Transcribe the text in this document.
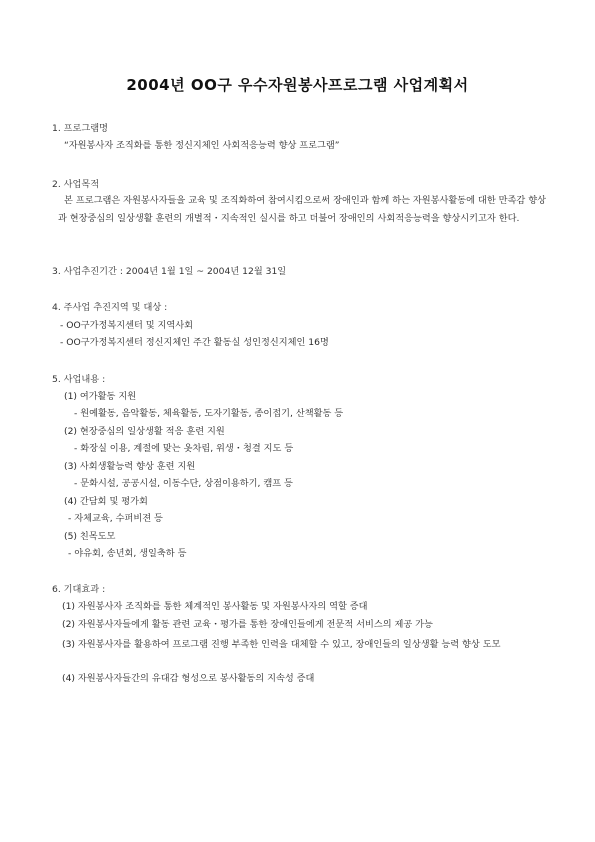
2004년 OO구 우수자원봉사프로그램 사업계획서
1. 프로그램명
“자원봉사자 조직화를 통한 정신지체인 사회적응능력 향상 프로그램”
2. 사업목적
본 프로그램은 자원봉사자들을 교육 및 조직화하여 참여시킴으로써 장애인과 함께 하는 자원봉사활동에 대한 만족감 향상과 현장중심의 일상생활 훈련의 개별적・지속적인 실시를 하고 더불어 장애인의 사회적응능력을 향상시키고자 한다.
3. 사업추진기간 : 2004년 1월 1일 ~ 2004년 12월 31일
4. 주사업 추진지역 및 대상 :
- OO구가정복지센터 및 지역사회
- OO구가정복지센터 정신지체인 주간 활동실 성인정신지체인 16명
5. 사업내용 :
(1) 여가활동 지원
- 원예활동, 음악활동, 체육활동, 도자기활동, 종이접기, 산책활동 등
(2) 현장중심의 일상생활 적응 훈련 지원
- 화장실 이용, 계절에 맞는 옷차림, 위생・청결 지도 등
(3) 사회생활능력 향상 훈련 지원
- 문화시설, 공공시설, 이동수단, 상점이용하기, 캠프 등
(4) 간담회 및 평가회
- 자체교육, 수퍼비젼 등
(5) 친목도모
- 야유회, 송년회, 생일축하 등
6. 기대효과 :
(1) 자원봉사자 조직화를 통한 체계적인 봉사활동 및 자원봉사자의 역할 증대
(2) 자원봉사자들에게 활동 관련 교육・평가를 통한 장애인들에게 전문적 서비스의 제공 가능
(3) 자원봉사자를 활용하여 프로그램 진행 부족한 인력을 대체할 수 있고, 장애인들의 일상생활 능력 향상 도모
(4) 자원봉사자들간의 유대감 형성으로 봉사활동의 지속성 증대
